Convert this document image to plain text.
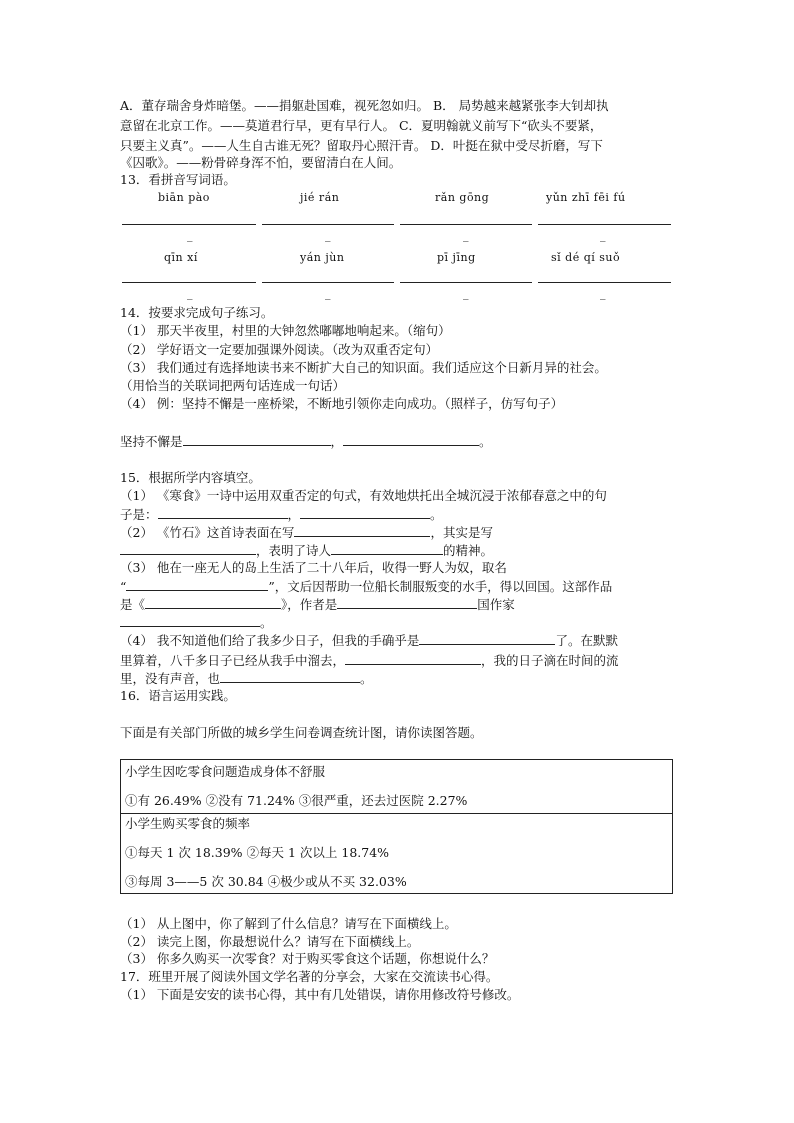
A．董存瑞舍身炸暗堡。——捐躯赴国难，视死忽如归。 B． 局势越来越紧张李大钊却执
意留在北京工作。——莫道君行早，更有早行人。 C．夏明翰就义前写下“砍头不要紧，
只要主义真”。——人生自古谁无死？留取丹心照汗青。 D．叶挺在狱中受尽折磨，写下
《囚歌》。——粉骨碎身浑不怕，要留清白在人间。
13．看拼音写词语。
biān pào	jié rán	rǎn gōng	yǔn zhī fēi fú
_	_	_	_
qīn xí	yán jùn	pī jīng	sǐ dé qí suǒ
_	_	_	_
14．按要求完成句子练习。
（1） 那天半夜里，村里的大钟忽然嘟嘟地响起来。（缩句）
（2） 学好语文一定要加强课外阅读。（改为双重否定句）
（3） 我们通过有选择地读书来不断扩大自己的知识面。我们适应这个日新月异的社会。
（用恰当的关联词把两句话连成一句话）
（4） 例：坚持不懈是一座桥梁，不断地引领你走向成功。（照样子，仿写句子）
坚持不懈是	，	。
15．根据所学内容填空。
（1） 《寒食》一诗中运用双重否定的句式，有效地烘托出全城沉浸于浓郁春意之中的句
子是：	，	。
（2） 《竹石》这首诗表面在写	，其实是写
，表明了诗人	的精神。
（3） 他在一座无人的岛上生活了二十八年后，收得一野人为奴，取名
“	”，文后因帮助一位船长制服叛变的水手，得以回国。这部作品
是《	》，作者是	国作家
。
（4） 我不知道他们给了我多少日子，但我的手确乎是	了。在默默
里算着，八千多日子已经从我手中溜去，	，我的日子滴在时间的流
里，没有声音，也	。
16．语言运用实践。
下面是有关部门所做的城乡学生问卷调查统计图，请你读图答题。
小学生因吃零食问题造成身体不舒服
①有 26.49% ②没有 71.24% ③很严重，还去过医院 2.27%

小学生购买零食的频率
①每天 1 次 18.39% ②每天 1 次以上 18.74%
③每周 3——5 次 30.84 ④极少或从不买 32.03%
（1） 从上图中，你了解到了什么信息？请写在下面横线上。
（2） 读完上图，你最想说什么？请写在下面横线上。
（3） 你多久购买一次零食？对于购买零食这个话题，你想说什么？
17．班里开展了阅读外国文学名著的分享会，大家在交流读书心得。
（1） 下面是安安的读书心得，其中有几处错误，请你用修改符号修改。
